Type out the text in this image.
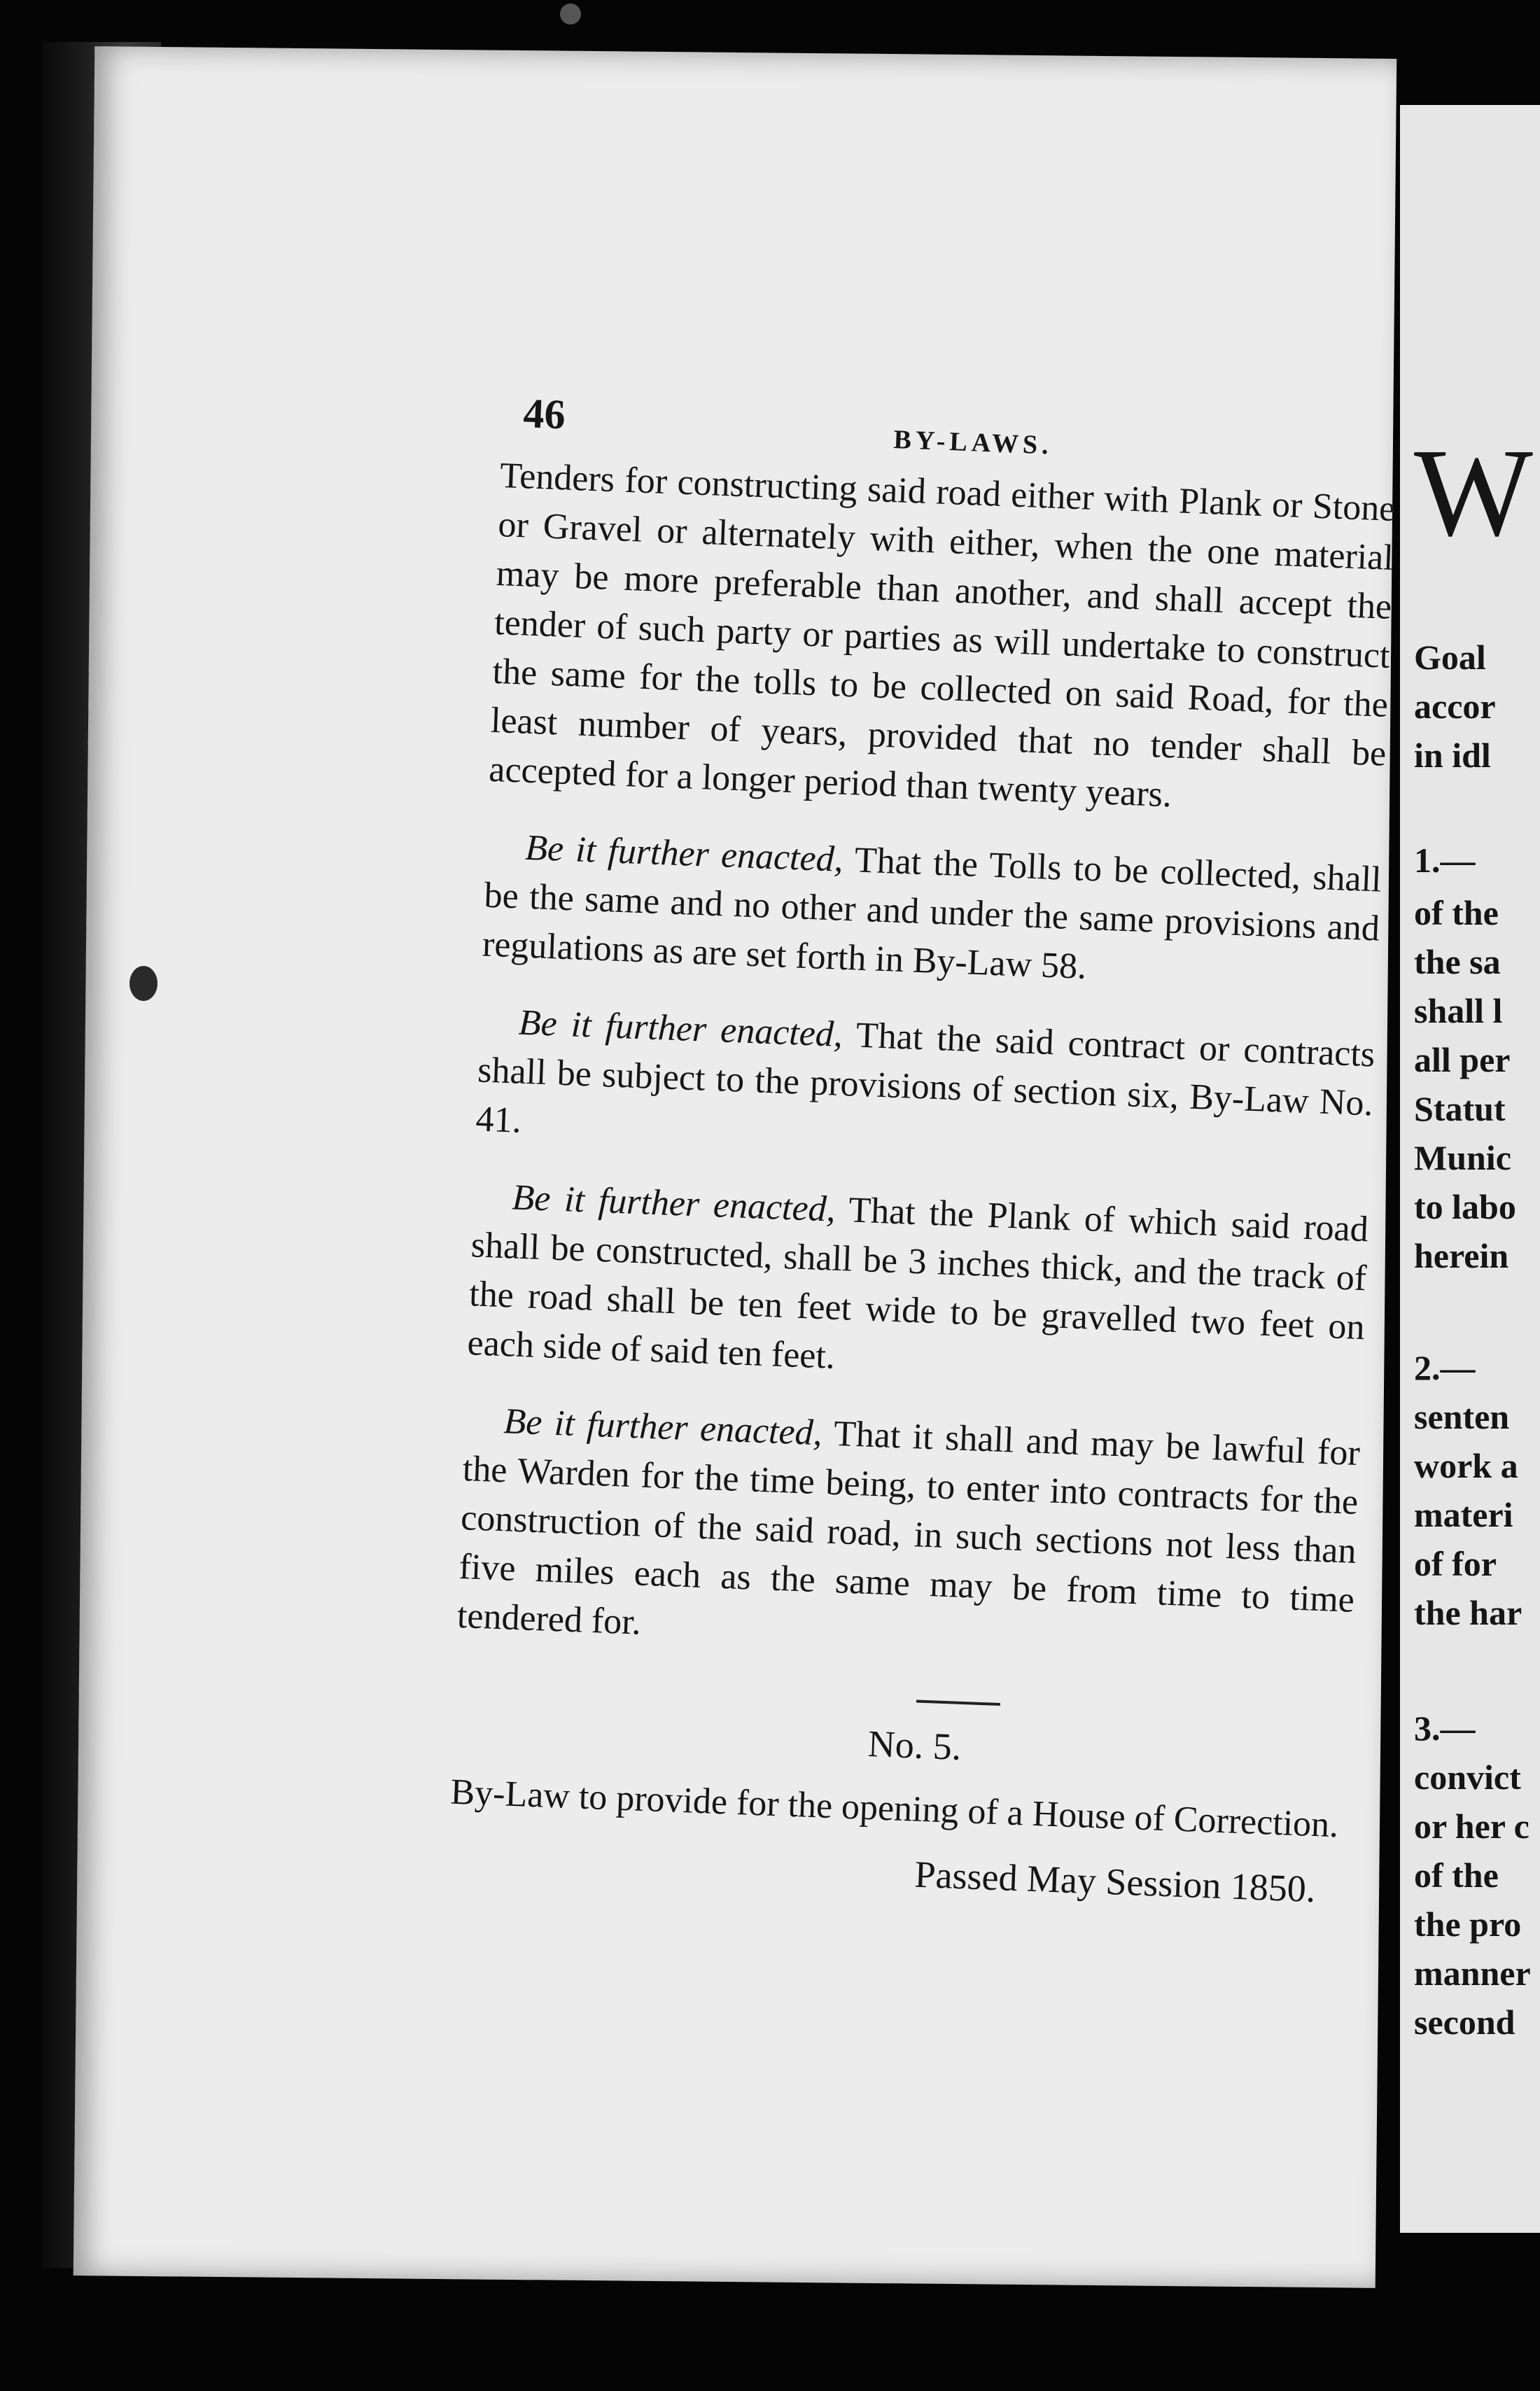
46
BY-LAWS.

Tenders for constructing said road either with Plank or Stone or Gravel or alternately with either, when the one material may be more preferable than another, and shall accept the tender of such party or parties as will undertake to construct the same for the tolls to be collected on said Road, for the least number of years, provided that no tender shall be accepted for a longer period than twenty years.

Be it further enacted, That the Tolls to be collected, shall be the same and no other and under the same provisions and regulations as are set forth in By-Law 58.

Be it further enacted, That the said contract or contracts shall be subject to the provisions of section six, By-Law No. 41.

Be it further enacted, That the Plank of which said road shall be constructed, shall be 3 inches thick, and the track of the road shall be ten feet wide to be gravelled two feet on each side of said ten feet.

Be it further enacted, That it shall and may be lawful for the Warden for the time being, to enter into contracts for the construction of the said road, in such sections not less than five miles each as the same may be from time to time tendered for.

No. 5.
By-Law to provide for the opening of a House of Correction.
Passed May Session 1850.
W
Goal
accor
in idl
1.—
of the
the sa
shall l
all per
Statut
Munic
to labo
herein
2.—
senten
work a
materi
of for
the har
3.—
convict
or her c
of the
the pro
manner
second
